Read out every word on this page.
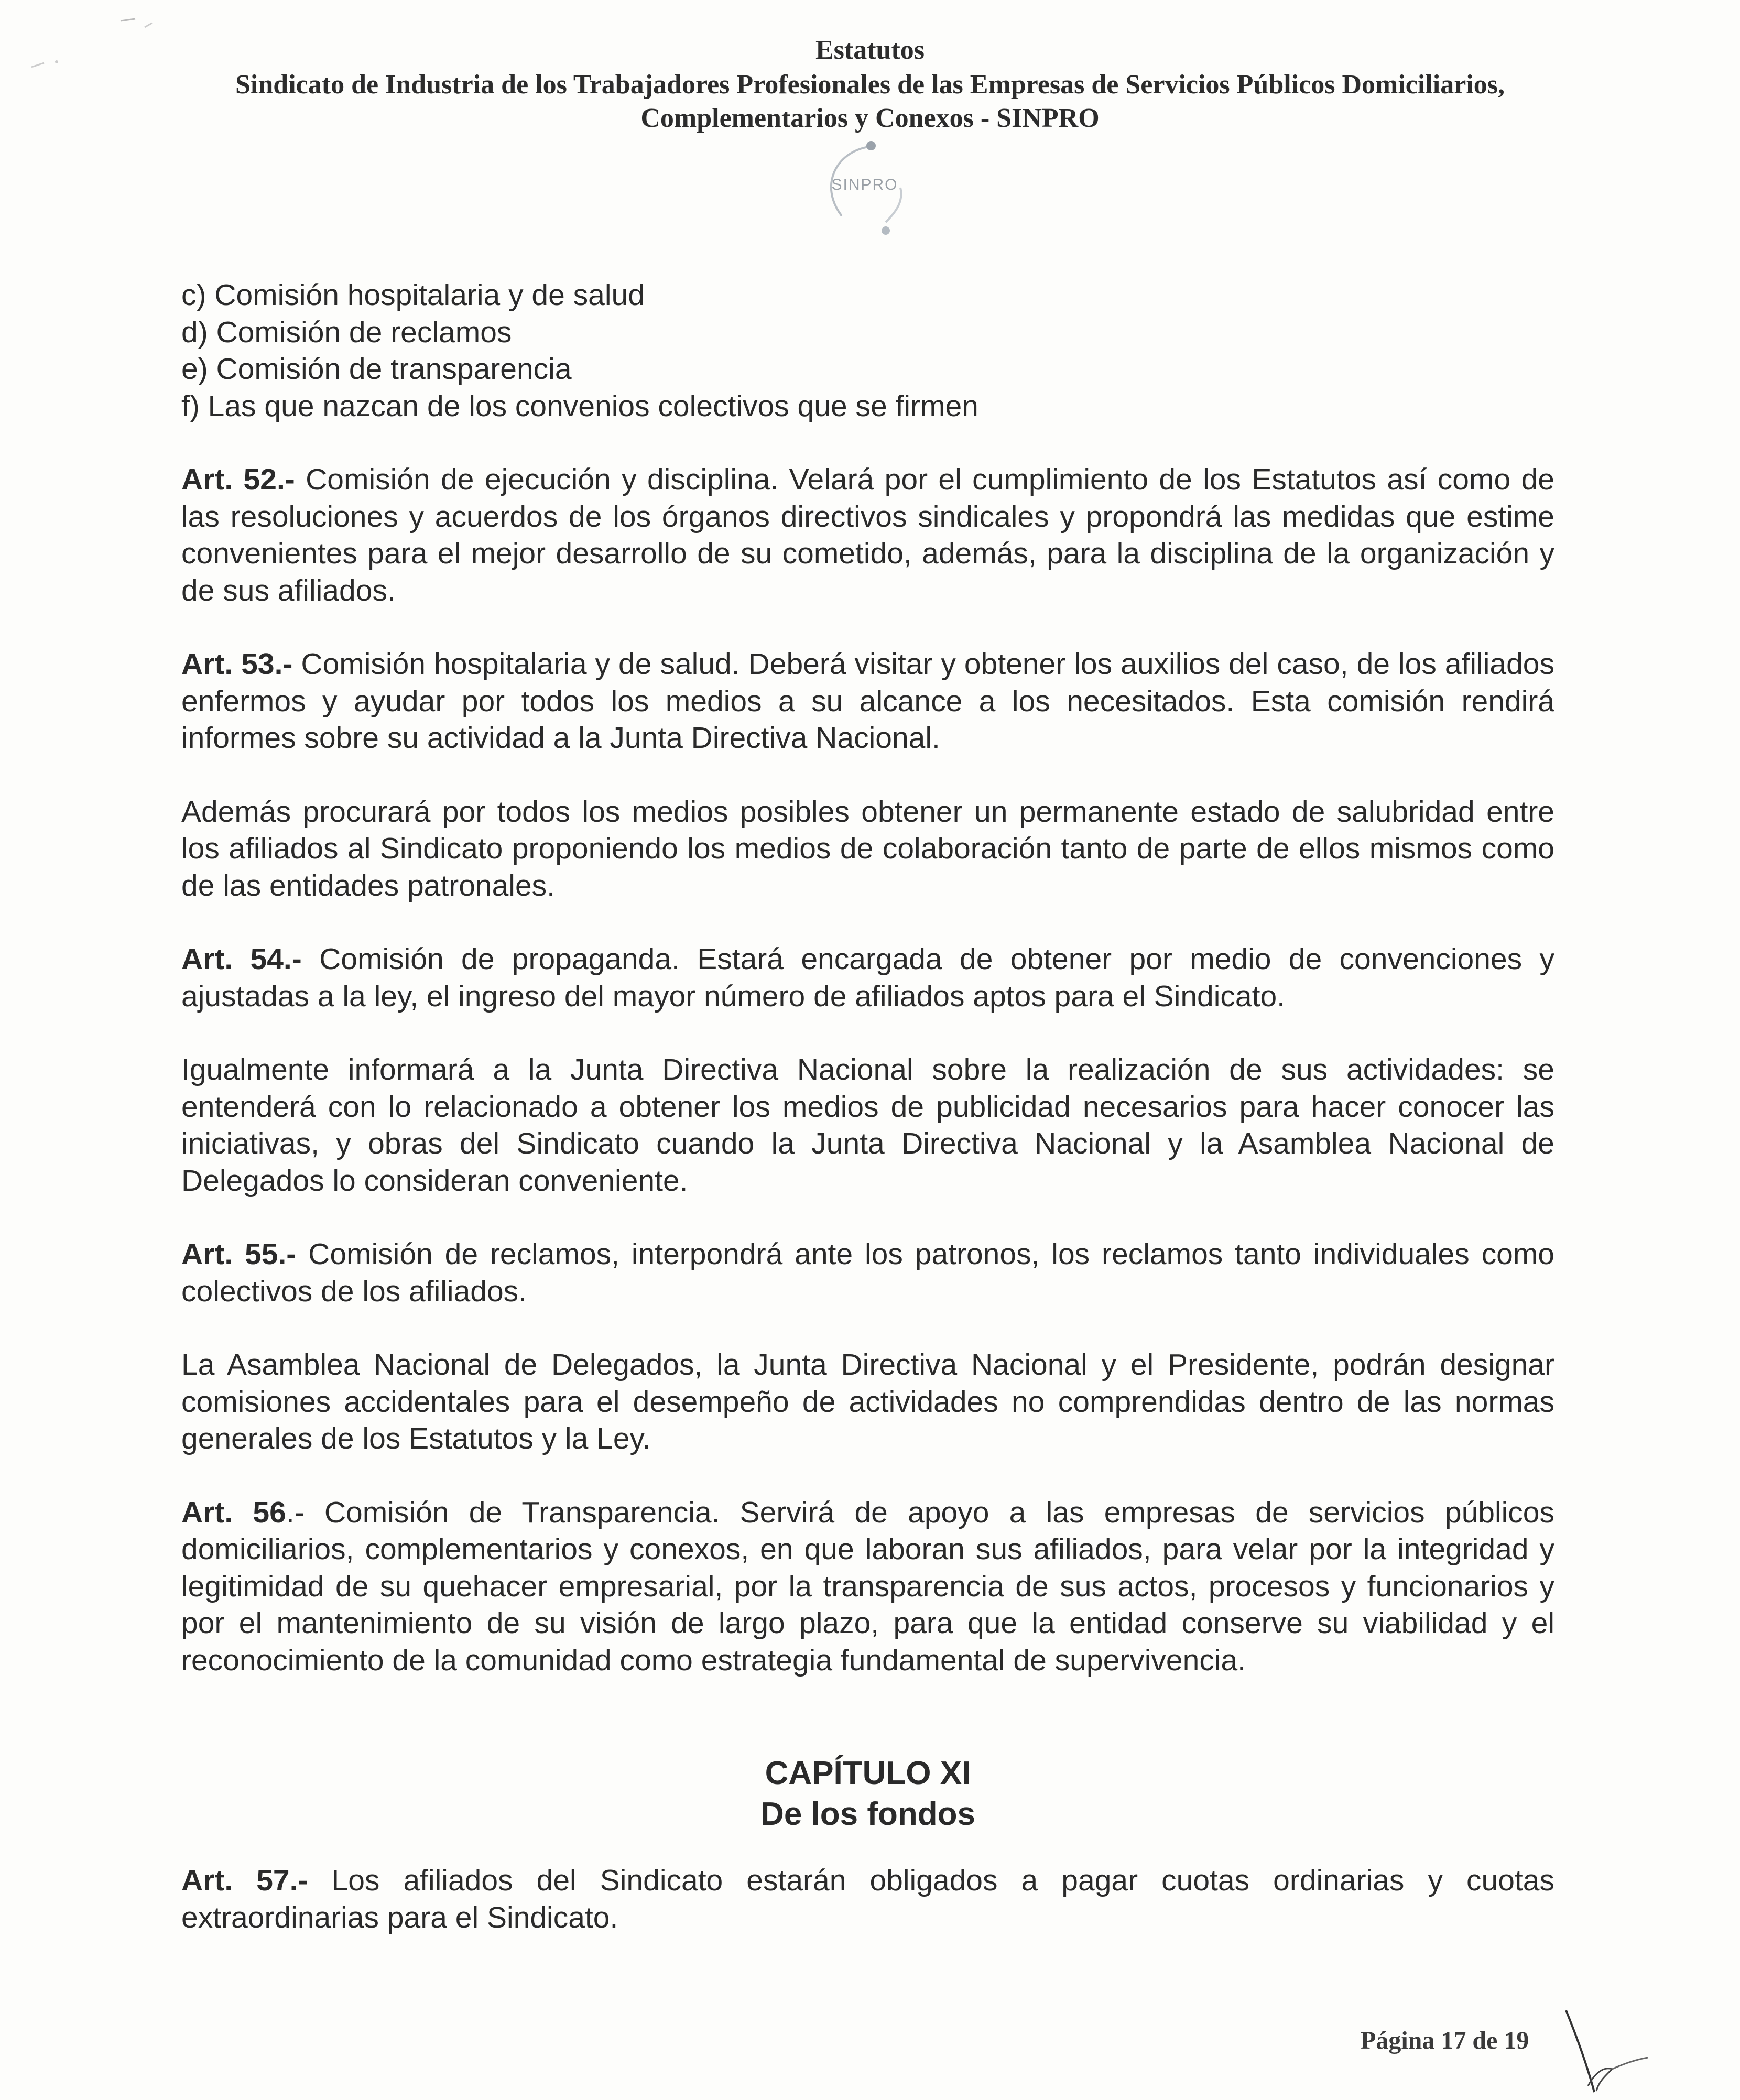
Estatutos
Sindicato de Industria de los Trabajadores Profesionales de las Empresas de Servicios Públicos Domiciliarios,
Complementarios y Conexos - SINPRO
SINPRO
c) Comisión hospitalaria y de salud
d) Comisión de reclamos
e) Comisión de transparencia
f) Las que nazcan de los convenios colectivos que se firmen

Art. 52.- Comisión de ejecución y disciplina. Velará por el cumplimiento de los Estatutos así como de las resoluciones y acuerdos de los órganos directivos sindicales y propondrá las medidas que estime convenientes para el mejor desarrollo de su cometido, además, para la disciplina de la organización y de sus afiliados.

Art. 53.- Comisión hospitalaria y de salud. Deberá visitar y obtener los auxilios del caso, de los afiliados enfermos y ayudar por todos los medios a su alcance a los necesitados. Esta comisión rendirá informes sobre su actividad a la Junta Directiva Nacional.

Además procurará por todos los medios posibles obtener un permanente estado de salubridad entre los afiliados al Sindicato proponiendo los medios de colaboración tanto de parte de ellos mismos como de las entidades patronales.

Art. 54.- Comisión de propaganda. Estará encargada de obtener por medio de convenciones y ajustadas a la ley, el ingreso del mayor número de afiliados aptos para el Sindicato.

Igualmente informará a la Junta Directiva Nacional sobre la realización de sus actividades: se entenderá con lo relacionado a obtener los medios de publicidad necesarios para hacer conocer las iniciativas, y obras del Sindicato cuando la Junta Directiva Nacional y la Asamblea Nacional de Delegados lo consideran conveniente.

Art. 55.- Comisión de reclamos, interpondrá ante los patronos, los reclamos tanto individuales como colectivos de los afiliados.

La Asamblea Nacional de Delegados, la Junta Directiva Nacional y el Presidente, podrán designar comisiones accidentales para el desempeño de actividades no comprendidas dentro de las normas generales de los Estatutos y la Ley.

Art. 56.- Comisión de Transparencia. Servirá de apoyo a las empresas de servicios públicos domiciliarios, complementarios y conexos, en que laboran sus afiliados, para velar por la integridad y legitimidad de su quehacer empresarial, por la transparencia de sus actos, procesos y funcionarios y por el mantenimiento de su visión de largo plazo, para que la entidad conserve su viabilidad y el reconocimiento de la comunidad como estrategia fundamental de supervivencia.

CAPÍTULO XI
De los fondos

Art. 57.- Los afiliados del Sindicato estarán obligados a pagar cuotas ordinarias y cuotas extraordinarias para el Sindicato.

Página 17 de 19
